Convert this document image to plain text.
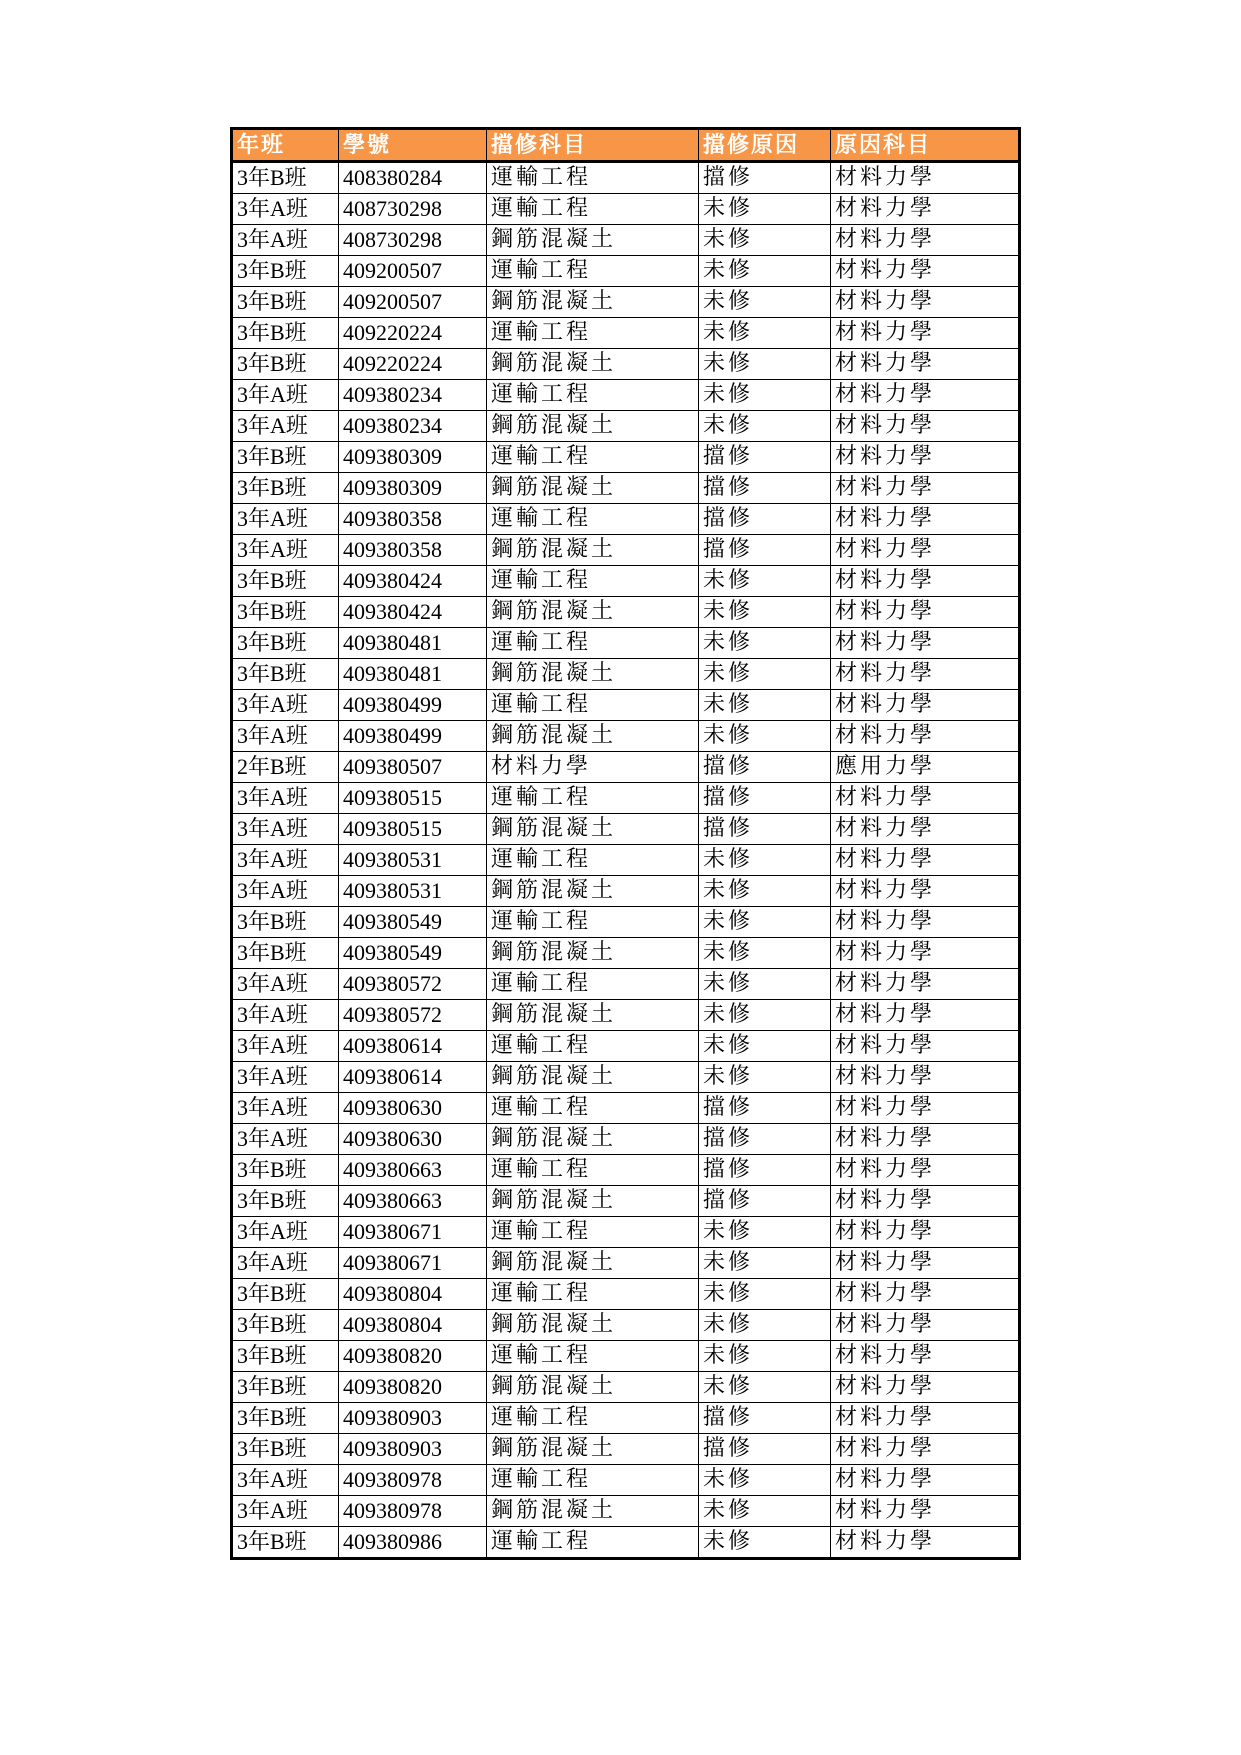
年班	學號	擋修科目	擋修原因	原因科目
3年B班	408380284	運輸工程	擋修	材料力學
3年A班	408730298	運輸工程	未修	材料力學
3年A班	408730298	鋼筋混凝土	未修	材料力學
3年B班	409200507	運輸工程	未修	材料力學
3年B班	409200507	鋼筋混凝土	未修	材料力學
3年B班	409220224	運輸工程	未修	材料力學
3年B班	409220224	鋼筋混凝土	未修	材料力學
3年A班	409380234	運輸工程	未修	材料力學
3年A班	409380234	鋼筋混凝土	未修	材料力學
3年B班	409380309	運輸工程	擋修	材料力學
3年B班	409380309	鋼筋混凝土	擋修	材料力學
3年A班	409380358	運輸工程	擋修	材料力學
3年A班	409380358	鋼筋混凝土	擋修	材料力學
3年B班	409380424	運輸工程	未修	材料力學
3年B班	409380424	鋼筋混凝土	未修	材料力學
3年B班	409380481	運輸工程	未修	材料力學
3年B班	409380481	鋼筋混凝土	未修	材料力學
3年A班	409380499	運輸工程	未修	材料力學
3年A班	409380499	鋼筋混凝土	未修	材料力學
2年B班	409380507	材料力學	擋修	應用力學
3年A班	409380515	運輸工程	擋修	材料力學
3年A班	409380515	鋼筋混凝土	擋修	材料力學
3年A班	409380531	運輸工程	未修	材料力學
3年A班	409380531	鋼筋混凝土	未修	材料力學
3年B班	409380549	運輸工程	未修	材料力學
3年B班	409380549	鋼筋混凝土	未修	材料力學
3年A班	409380572	運輸工程	未修	材料力學
3年A班	409380572	鋼筋混凝土	未修	材料力學
3年A班	409380614	運輸工程	未修	材料力學
3年A班	409380614	鋼筋混凝土	未修	材料力學
3年A班	409380630	運輸工程	擋修	材料力學
3年A班	409380630	鋼筋混凝土	擋修	材料力學
3年B班	409380663	運輸工程	擋修	材料力學
3年B班	409380663	鋼筋混凝土	擋修	材料力學
3年A班	409380671	運輸工程	未修	材料力學
3年A班	409380671	鋼筋混凝土	未修	材料力學
3年B班	409380804	運輸工程	未修	材料力學
3年B班	409380804	鋼筋混凝土	未修	材料力學
3年B班	409380820	運輸工程	未修	材料力學
3年B班	409380820	鋼筋混凝土	未修	材料力學
3年B班	409380903	運輸工程	擋修	材料力學
3年B班	409380903	鋼筋混凝土	擋修	材料力學
3年A班	409380978	運輸工程	未修	材料力學
3年A班	409380978	鋼筋混凝土	未修	材料力學
3年B班	409380986	運輸工程	未修	材料力學
